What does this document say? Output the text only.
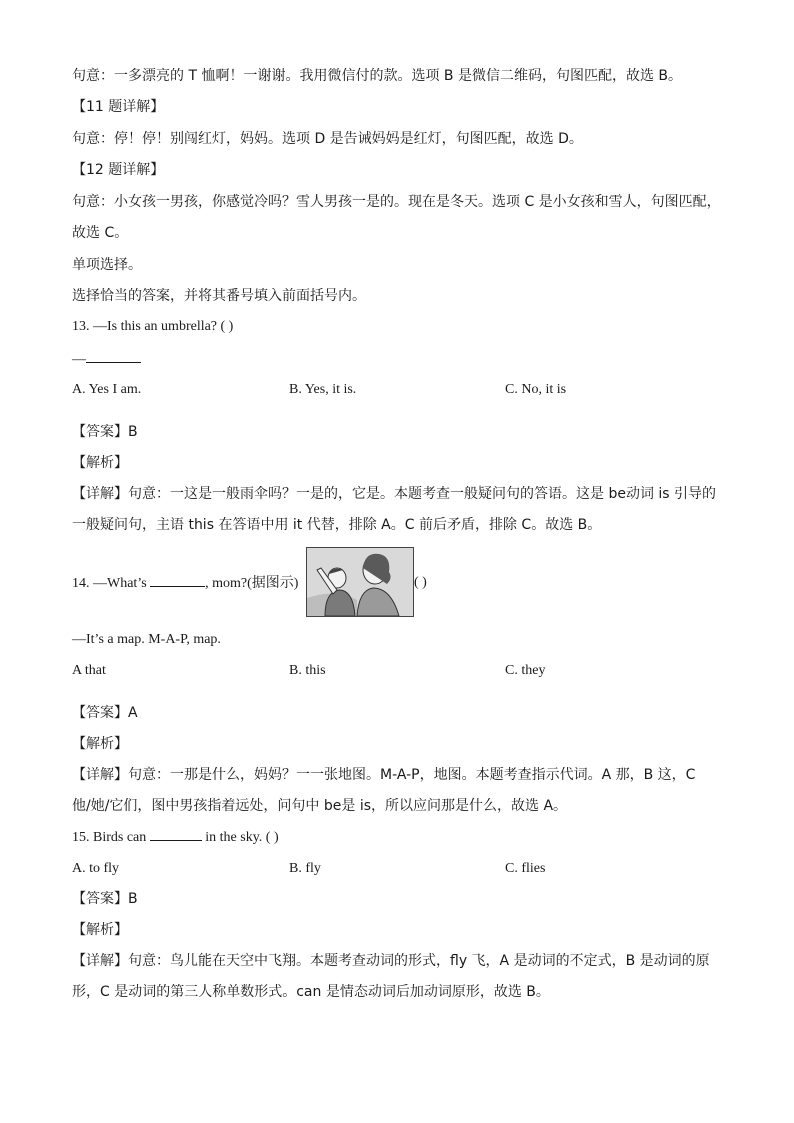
句意：一多漂亮的 T 恤啊！一谢谢。我用微信付的款。选项 B 是微信二维码，句图匹配，故选 B。
【11 题详解】
句意：停！停！别闯红灯，妈妈。选项 D 是告诫妈妈是红灯，句图匹配，故选 D。
【12 题详解】
句意：小女孩一男孩，你感觉冷吗？雪人男孩一是的。现在是冬天。选项 C 是小女孩和雪人，句图匹配，
故选 C。
单项选择。
选择恰当的答案，并将其番号填入前面括号内。
13. —Is this an umbrella? ( )
—
A. Yes I am.	B. Yes, it is.	C. No, it is
【答案】B
【解析】
【详解】句意：一这是一般雨伞吗？一是的，它是。本题考查一般疑问句的答语。这是 be动词 is 引导的
一般疑问句，主语 this 在答语中用 it 代替，排除 A。C 前后矛盾，排除 C。故选 B。
14. —What’s	, mom?(据图示)	( )
—It’s a map. M-A-P, map.
A that	B. this	C. they
【答案】A
【解析】
【详解】句意：一那是什么，妈妈？一一张地图。M-A-P，地图。本题考查指示代词。A 那，B 这，C
他/她/它们，图中男孩指着远处，问句中 be是 is，所以应问那是什么，故选 A。
15. Birds can	in the sky. ( )
A. to fly	B. fly	C. flies
【答案】B
【解析】
【详解】句意：鸟儿能在天空中飞翔。本题考查动词的形式，fly 飞，A 是动词的不定式，B 是动词的原
形，C 是动词的第三人称单数形式。can 是情态动词后加动词原形，故选 B。
